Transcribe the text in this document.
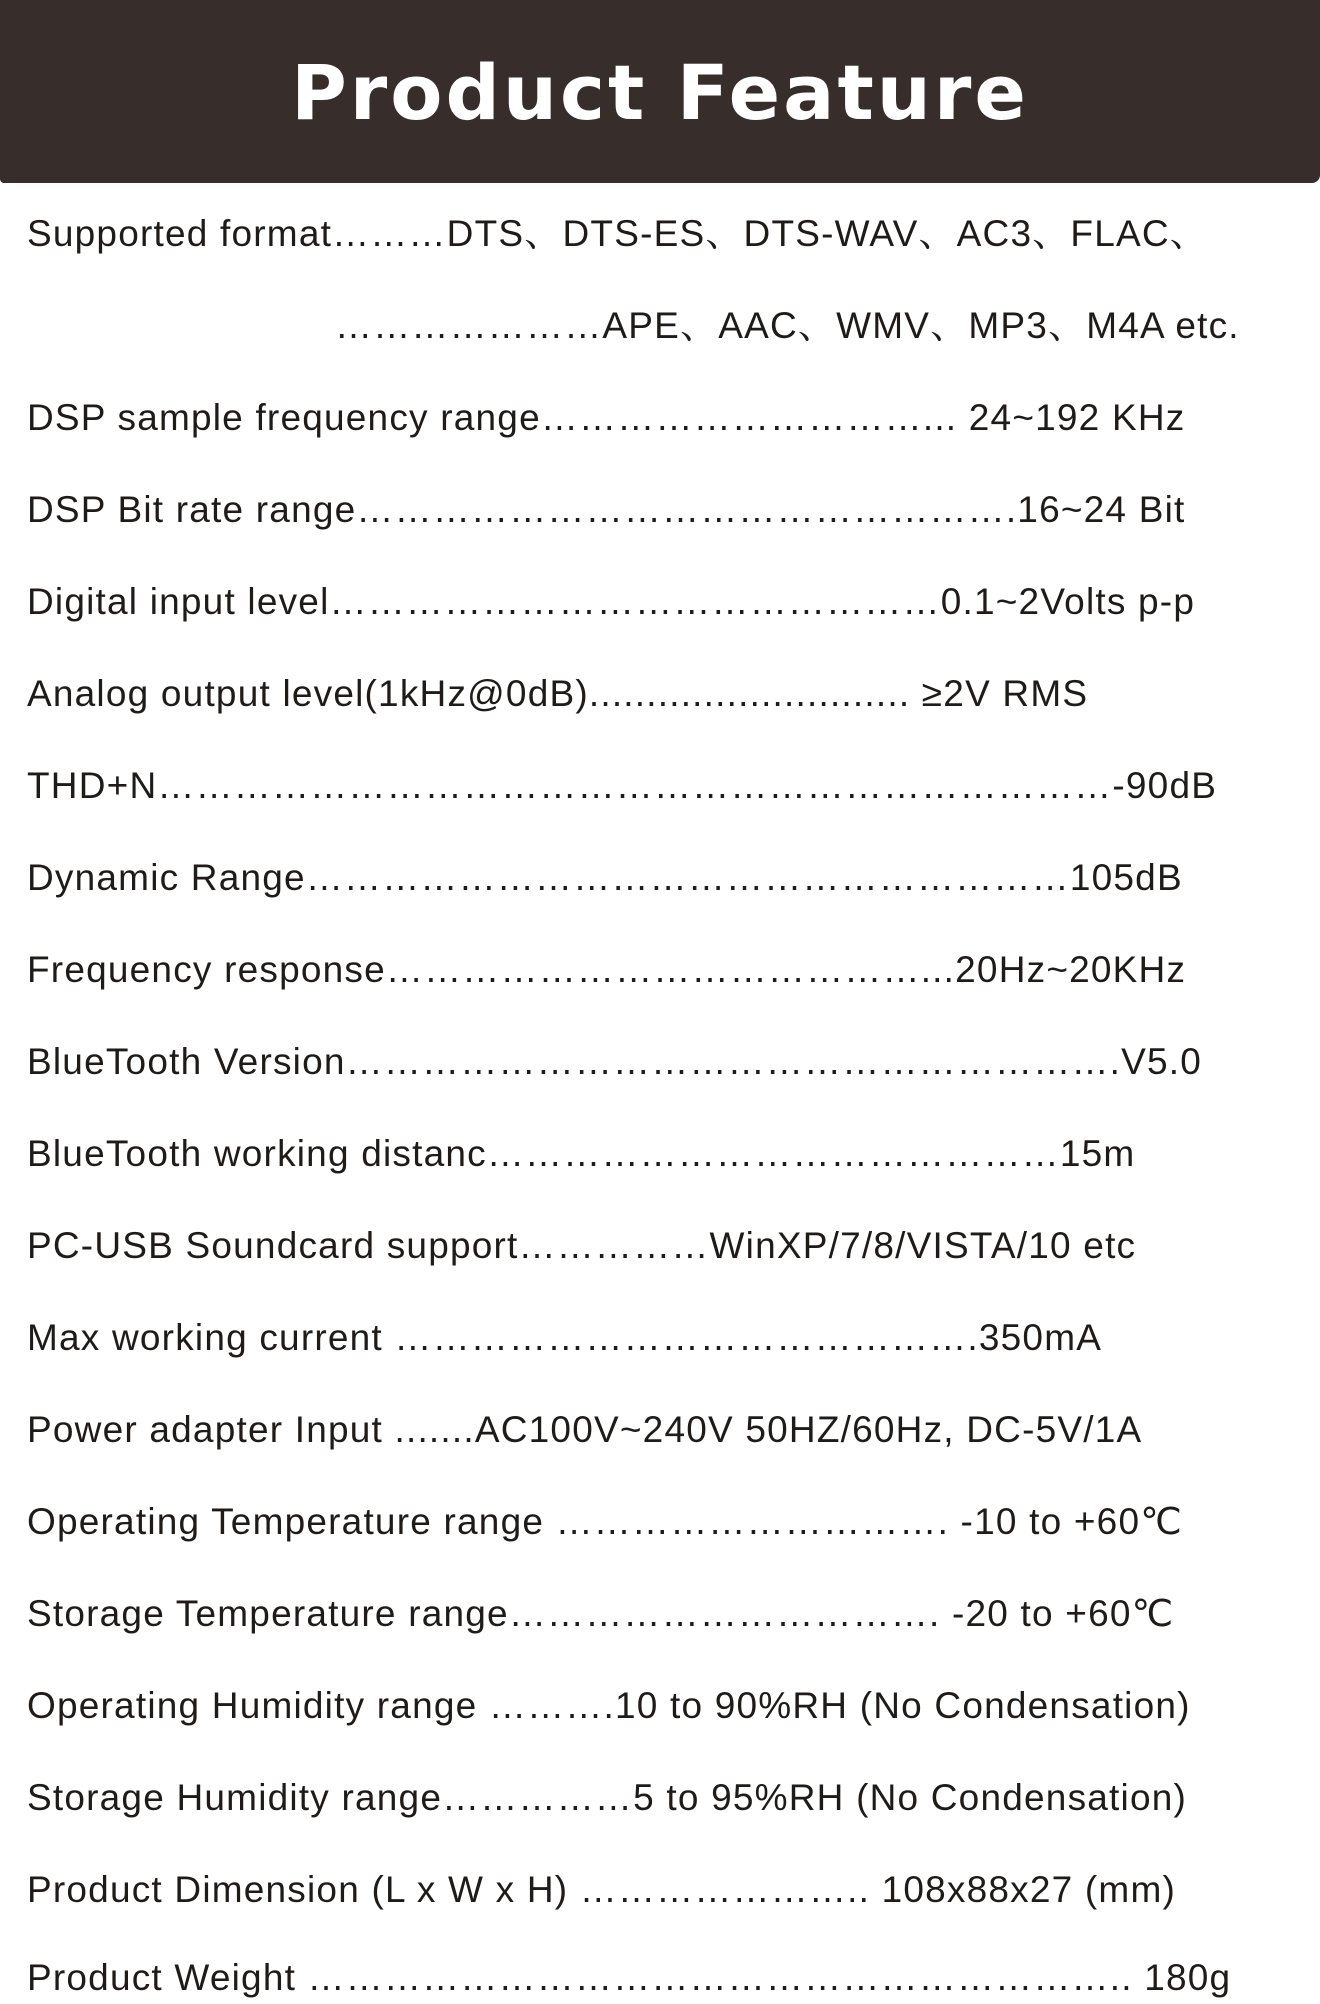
Product Feature
Supported format………DTS、DTS-ES、DTS-WAV、AC3、FLAC、
…………………APE、AAC、WMV、MP3、M4A etc.
DSP sample frequency range…………………………... 24~192 KHz
DSP Bit rate range…………………………………………….16~24 Bit
Digital input level…………………………………………0.1~2Volts p-p
Analog output level(1kHz@0dB)............................ ≥2V RMS
THD+N…………………………………………………………………-90dB
Dynamic Range……………………………………………………105dB
Frequency response……………………………………...20Hz~20KHz
BlueTooth Version…………………………………………………….V5.0
BlueTooth working distanc………………………………………15m
PC-USB Soundcard support……………WinXP/7/8/VISTA/10 etc
Max working current ……………………………………….350mA
Power adapter Input .......AC100V~240V 50HZ/60Hz, DC-5V/1A
Operating Temperature range …………………………. -10 to +60℃
Storage Temperature range……………………………. -20 to +60℃
Operating Humidity range ……….10 to 90%RH (No Condensation)
Storage Humidity range……………5 to 95%RH (No Condensation)
Product Dimension (L x W x H) ………………….. 108x88x27 (mm)
Product Weight ……………………………………………………….. 180g
